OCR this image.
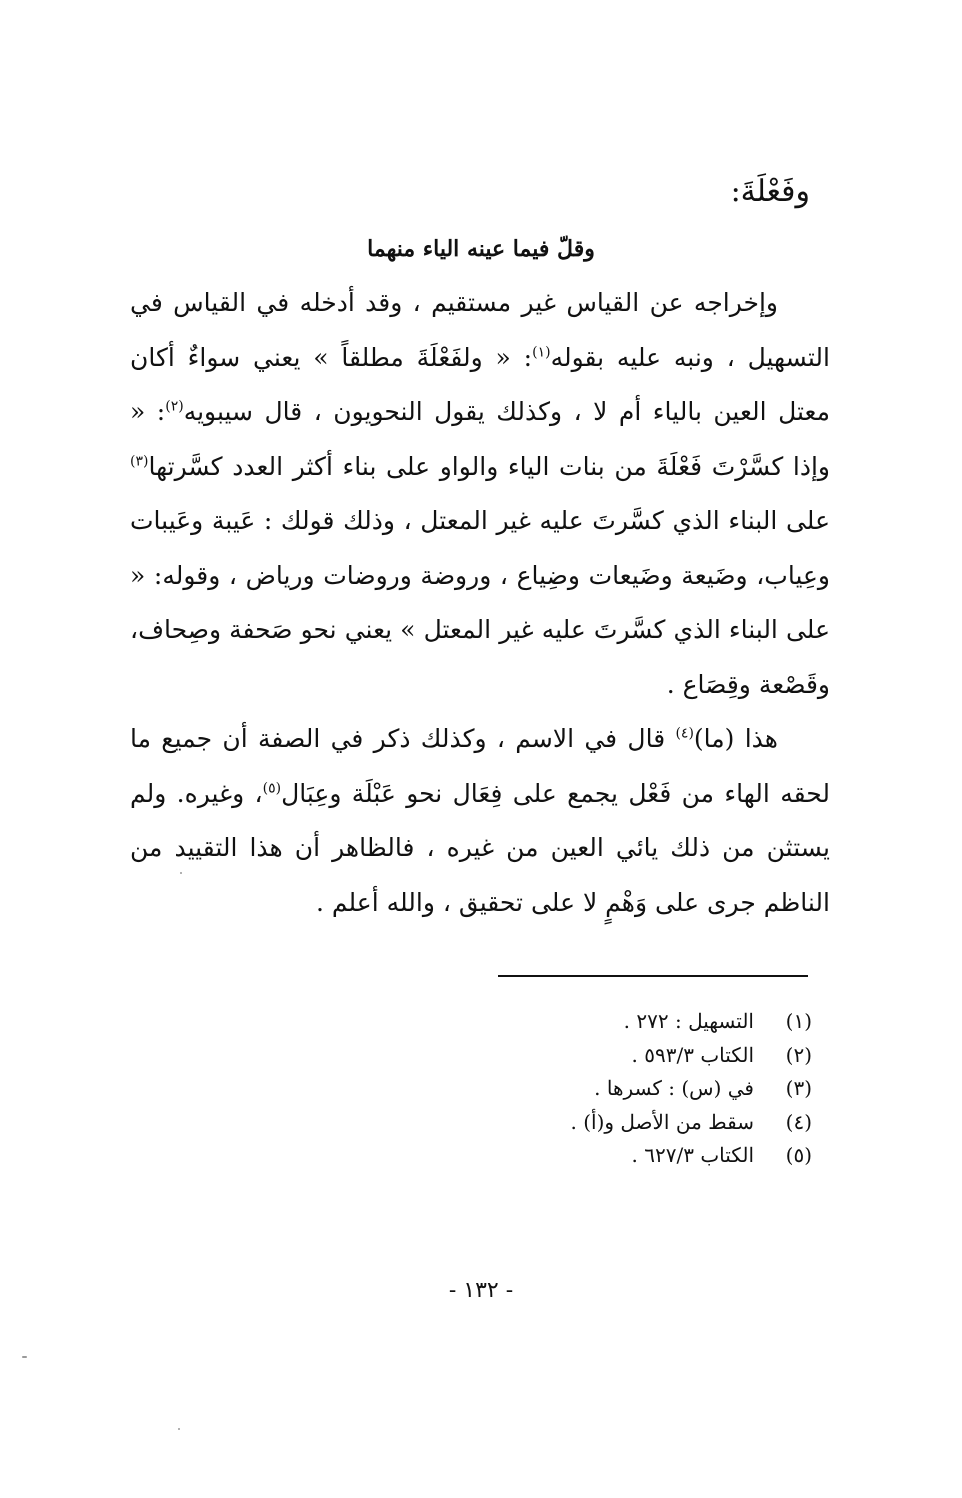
وفَعْلَةَ:
وقلّ فيما عينه الياء منهما

وإخراجه عن القياس غير مستقيم ، وقد أدخله في القياس في التسهيل ، ونبه عليه بقوله$^{(١)}$: « ولفَعْلَةَ مطلقاً » يعني سواءٌ أكان معتل العين بالياء أم لا ، وكذلك يقول النحويون ، قال سيبويه$^{(٢)}$: « وإذا كسَّرْتَ فَعْلَةَ من بنات الياء والواو على بناء أكثر العدد كسَّرتها$^{(٣)}$ على البناء الذي كسَّرتَ عليه غير المعتل ، وذلك قولك : عَيبة وعَيبات وعِياب، وضَيعة وضَيعات وضِياع ، وروضة وروضات ورياض ، وقوله: « على البناء الذي كسَّرتَ عليه غير المعتل » يعني نحو صَحفة وصِحاف، وقَصْعة وقِصَاع .

هذا (ما)$^{(٤)}$ قال في الاسم ، وكذلك ذكر في الصفة أن جميع ما لحقه الهاء من فَعْل يجمع على فِعَال نحو عَبْلَة وعِبَال$^{(٥)}$، وغيره. ولم يستثن من ذلك يائي العين من غيره ، فالظاهر أن هذا التقييد من الناظم جرى على وَهْمٍ لا على تحقيق ، والله أعلم .

(١)التسهيل : ٢٧٢ .
(٢)الكتاب ٥٩٣/٣ .
(٣)في (س) : كسرها .
(٤)سقط من الأصل و(أ) .
(٥)الكتاب ٦٢٧/٣ .
- ١٣٢ -
